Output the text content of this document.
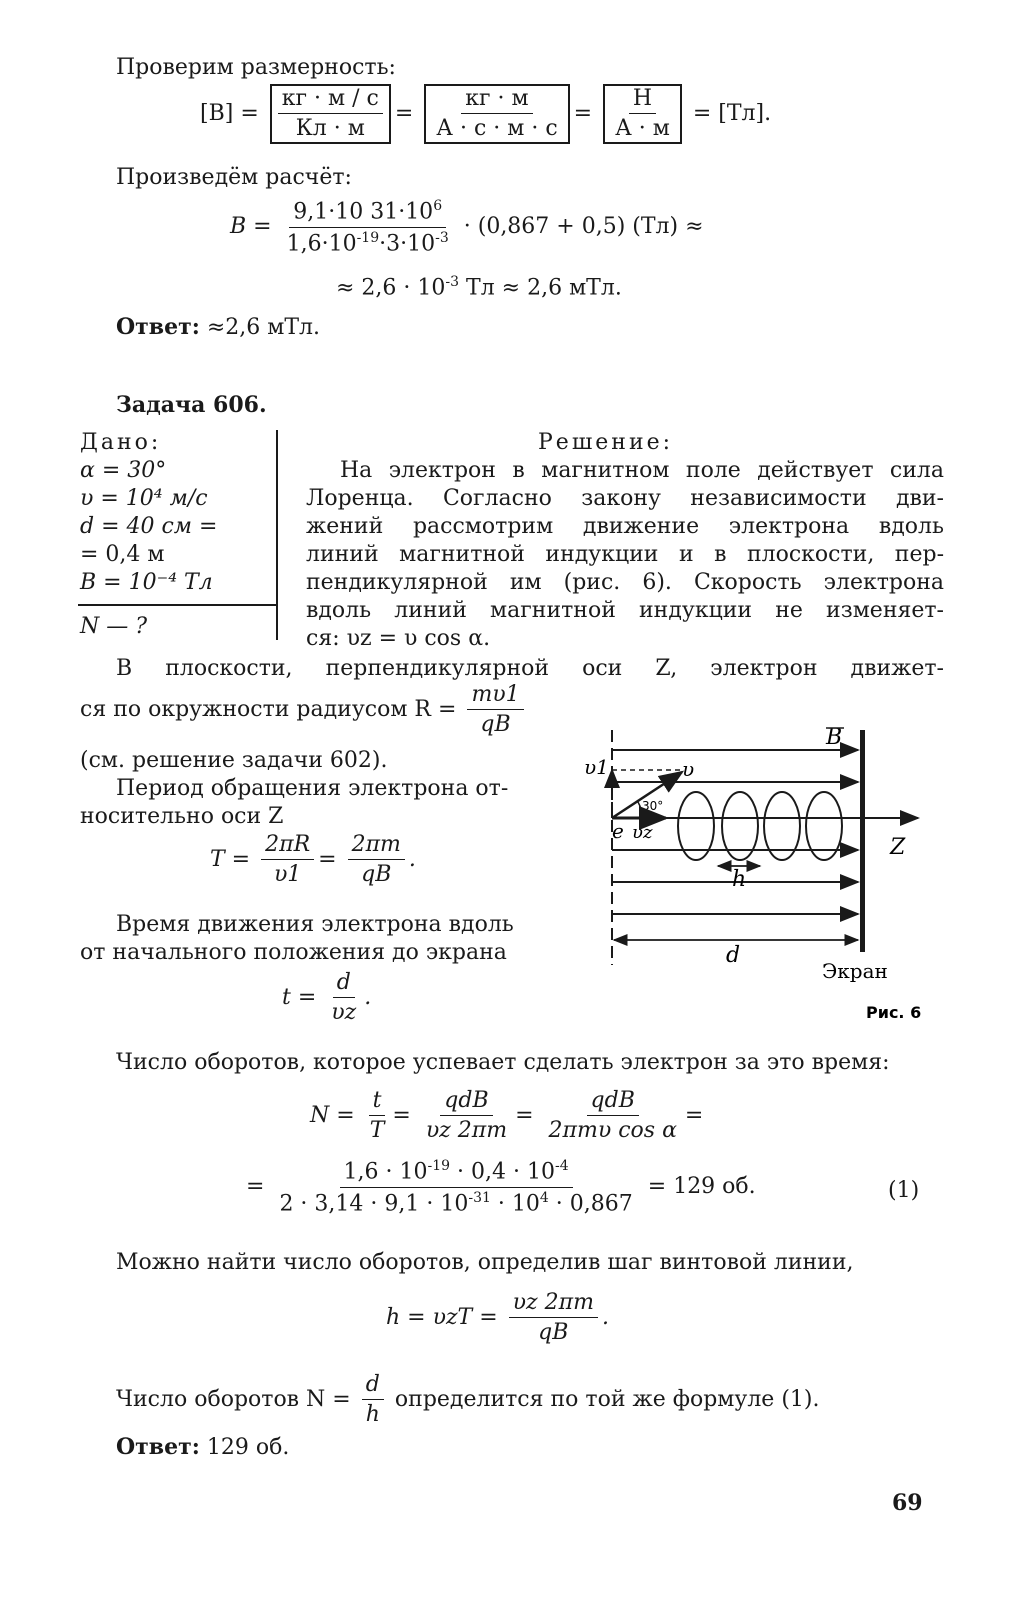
Проверим размерность:
$[B] = \frac{кг \cdot м / с}{Кл \cdot м} = \frac{кг \cdot м}{А \cdot с \cdot м \cdot с} = \frac{Н}{А \cdot м} = [Тл]$.
Произведём расчёт:
$B = \frac{9,1\cdot 10 31\cdot 10^6}{1,6\cdot 10^{-19}\cdot 3\cdot 10^{-3}} \cdot (0,867 + 0,5) (Тл)$ ≈
≈ $2,6 \cdot 10^{-3}$ Тл ≈ 2,6 мТл.
Ответ: ≈2,6 мТл.
Задача 606.
Дано:
α = 30°
υ = 10⁴ м/с
d = 40 см =
= 0,4 м
B = 10⁻⁴ Тл
N — ?
Решение:
На электрон в магнитном поле действует сила
Лоренца. Согласно закону независимости дви-
жений рассмотрим движение электрона вдоль
линий магнитной индукции и в плоскости, пер-
пендикулярной им (рис. 6). Скорость электрона
вдоль линий магнитной индукции не изменяет-
ся: υz = υ cos α.
В плоскости, перпендикулярной оси Z, электрон движет-
ся по окружности радиусом $R = \frac{m\upsilon 1}{qB}$
(см. решение задачи 602).
Период обращения электрона от-
носительно оси Z
$T = \frac{2\pi R}{\upsilon 1} = \frac{2\pi m}{qB}$ .
Время движения электрона вдоль
от начального положения до экрана
$t = \frac{d}{\upsilon z}$ .
B
Z
υ1	υ
30°
e υz
h
d
Экран
Рис. 6
Число оборотов, которое успевает сделать электрон за это время:
$N = \frac{t}{T} = \frac{\text{qdB}}{\upsilon z 2\pi m} = \frac{\text{qdB}}{\text{2πmυ cos α}}$ =
= $\frac{1,6 \cdot 10^{-19} \cdot 0,4 \cdot 10^{-4}}{2 \cdot 3,14 \cdot 9,1 \cdot 10^{-31} \cdot 10^4 \cdot 0,867} = 129$ об.	(1)
Можно найти число оборотов, определив шаг винтовой линии,
$h = \upsilon zT = \frac{\upsilon z 2\pi m}{qB}$ .
Число оборотов $N = \frac{d}{h}$ определится по той же формуле (1).
Ответ: 129 об.
69
